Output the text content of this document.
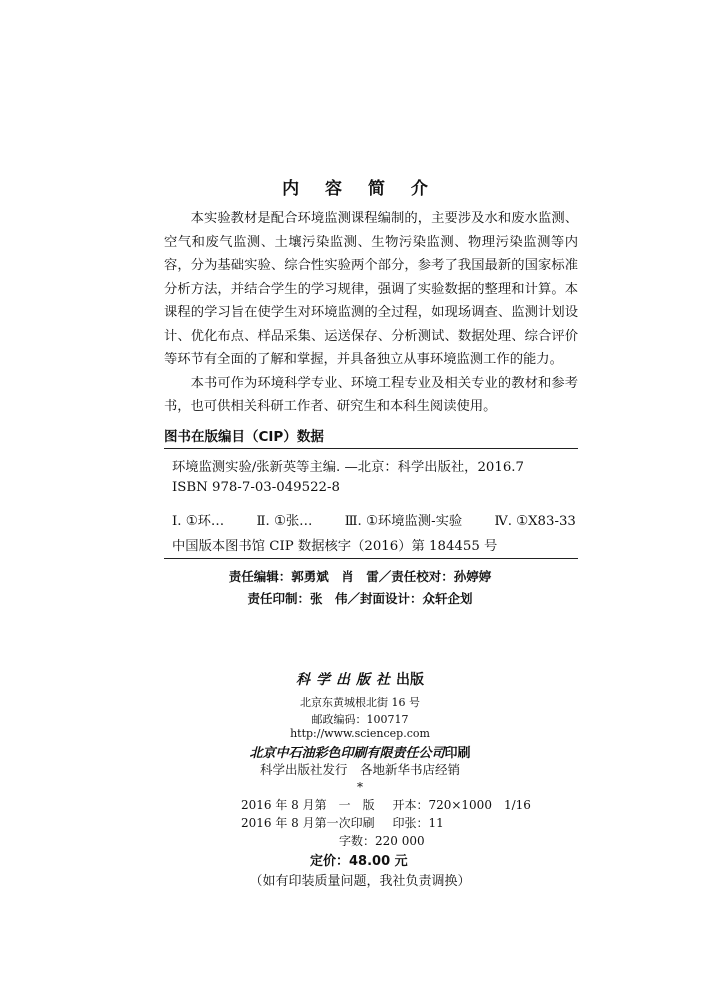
内 容 简 介

本实验教材是配合环境监测课程编制的，主要涉及水和废水监测、空气和废气监测、土壤污染监测、生物污染监测、物理污染监测等内容，分为基础实验、综合性实验两个部分，参考了我国最新的国家标准分析方法，并结合学生的学习规律，强调了实验数据的整理和计算。本课程的学习旨在使学生对环境监测的全过程，如现场调查、监测计划设计、优化布点、样品采集、运送保存、分析测试、数据处理、综合评价等环节有全面的了解和掌握，并具备独立从事环境监测工作的能力。

本书可作为环境科学专业、环境工程专业及相关专业的教材和参考书，也可供相关科研工作者、研究生和本科生阅读使用。

图书在版编目（CIP）数据
环境监测实验/张新英等主编. —北京：科学出版社，2016.7
ISBN 978-7-03-049522-8
Ⅰ. ①环… Ⅱ. ①张… Ⅲ. ①环境监测-实验 Ⅳ. ①X83-33
中国版本图书馆 CIP 数据核字（2016）第 184455 号
责任编辑：郭勇斌　肖　雷／责任校对：孙婷婷
责任印制：张　伟／封面设计：众轩企划
科学出版社出版
北京东黄城根北街 16 号
邮政编码：100717
http://www.sciencep.com
北京中石油彩色印刷有限责任公司印刷
科学出版社发行　各地新华书店经销
*
2016 年 8 月第　一　版 开本：720×1000　1/16
2016 年 8 月第一次印刷 印张：11
字数：220 000
定价：48.00 元
（如有印装质量问题，我社负责调换）
